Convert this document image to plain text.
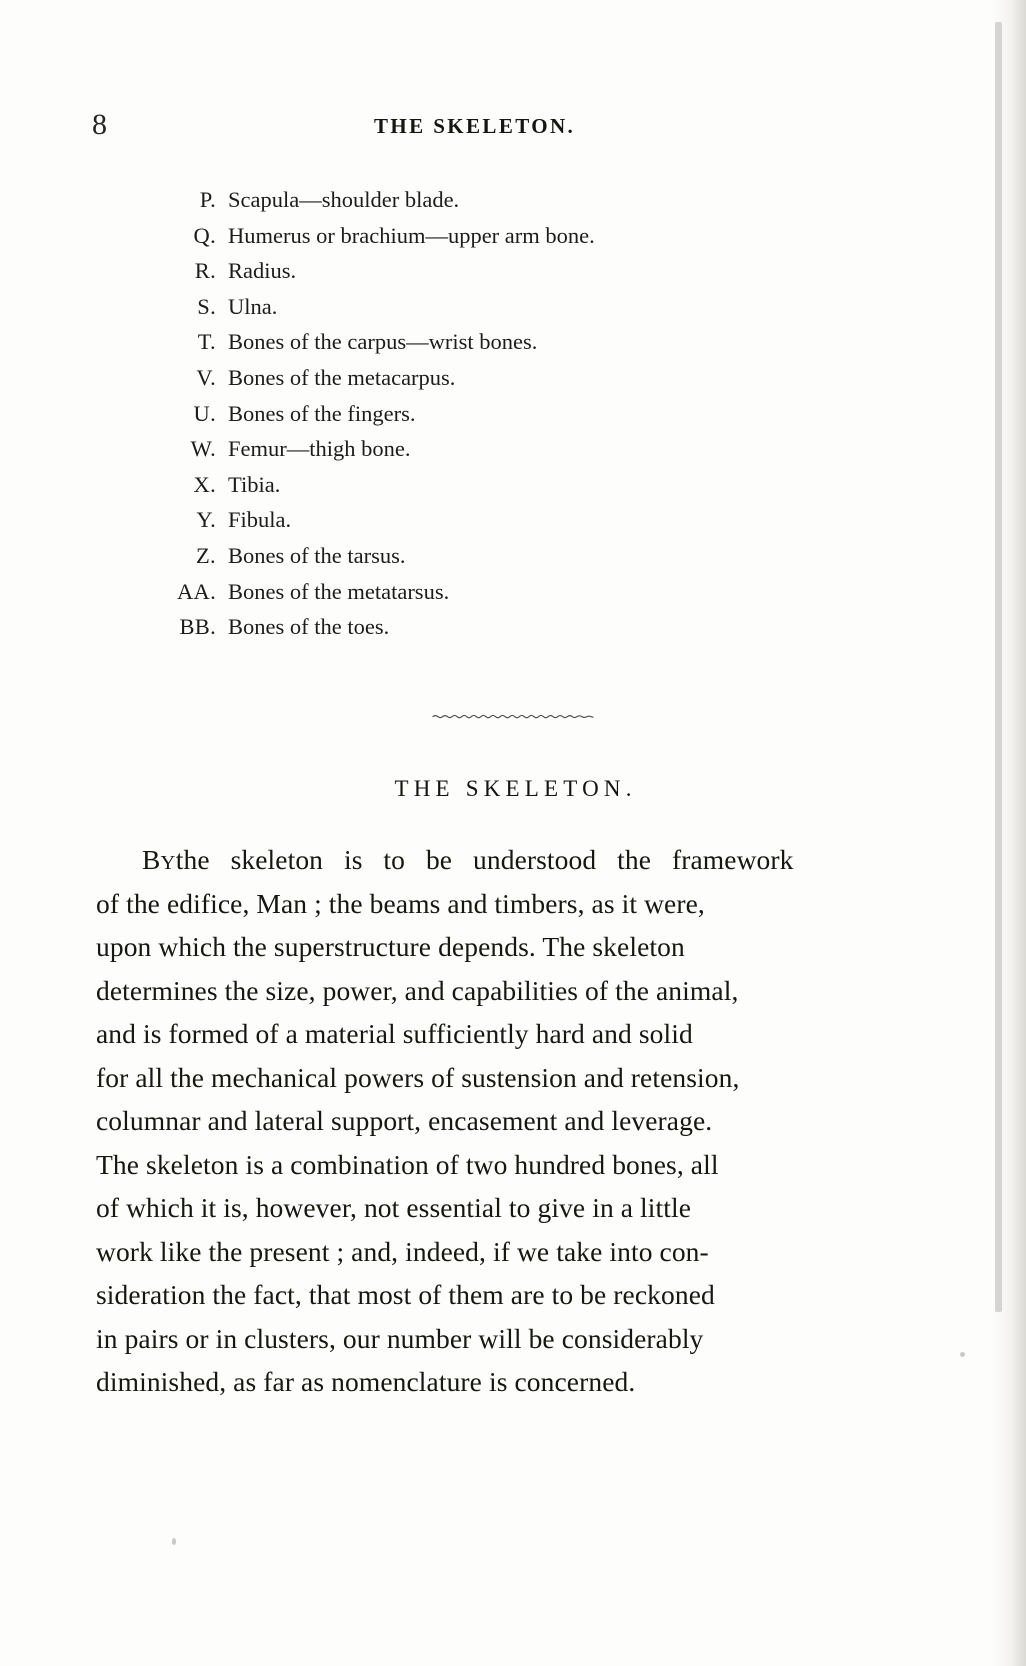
8	THE SKELETON.
P. Scapula—shoulder blade.
Q. Humerus or brachium—upper arm bone.
R. Radius.
S. Ulna.
T. Bones of the carpus—wrist bones.
V. Bones of the metacarpus.
U. Bones of the fingers.
W. Femur—thigh bone.
X. Tibia.
Y. Fibula.
Z. Bones of the tarsus.
AA. Bones of the metatarsus.
BB. Bones of the toes.
THE SKELETON.
BYthe   skeleton   is   to   be   understood   the   framework
of the edifice, Man ; the beams and timbers, as it were,
upon which the superstructure depends. The skeleton
determines the size, power, and capabilities of the animal,
and is formed of a material sufficiently hard and solid
for all the mechanical powers of sustension and retension,
columnar and lateral support, encasement and leverage.
The skeleton is a combination of two hundred bones, all
of which it is, however, not essential to give in a little
work like the present ; and, indeed, if we take into con-
sideration the fact, that most of them are to be reckoned
in pairs or in clusters, our number will be considerably
diminished, as far as nomenclature is concerned.
